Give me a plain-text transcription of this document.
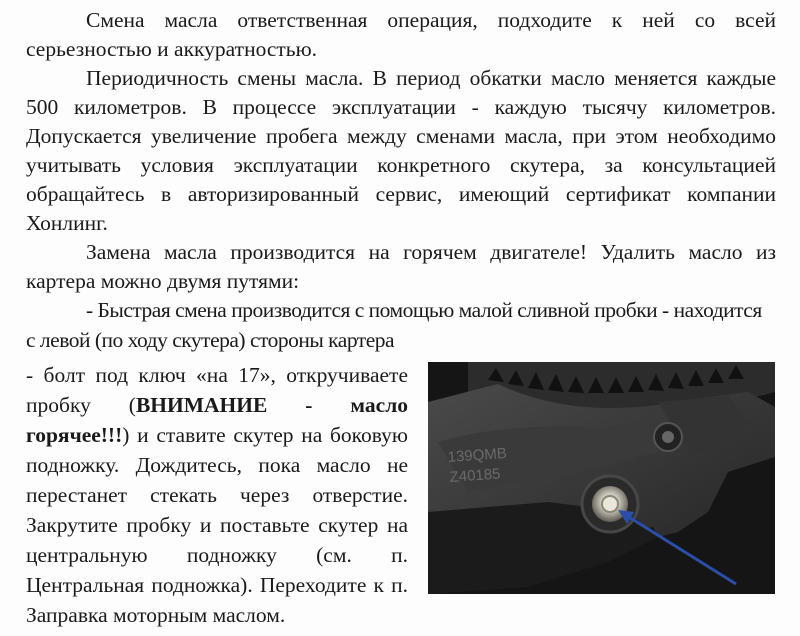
Смена масла ответственная операция, подходите к ней со всей серьезностью и аккуратностью.

Периодичность смены масла. В период обкатки масло меняется каждые 500 километров. В процессе эксплуатации - каждую тысячу километров. Допускается увеличение пробега между сменами масла, при этом необходимо учитывать условия эксплуатации конкретного скутера, за консультацией обращайтесь в авторизированный сервис, имеющий сертификат компании Хонлинг.

Замена масла производится на горячем двигателе! Удалить масло из картера можно двумя путями:

- Быстрая смена производится с помощью малой сливной пробки - находится

с левой (по ходу скутера) стороны картера

- болт под ключ «на 17», откручиваете пробку (ВНИМАНИЕ - масло горячее!!!) и ставите скутер на боковую подножку. Дождитесь, пока масло не перестанет стекать через отверстие. Закрутите пробку и поставьте скутер на центральную подножку (см. п. Центральная подножка). Переходите к п. Заправка моторным маслом.

139QMB
Z40185
